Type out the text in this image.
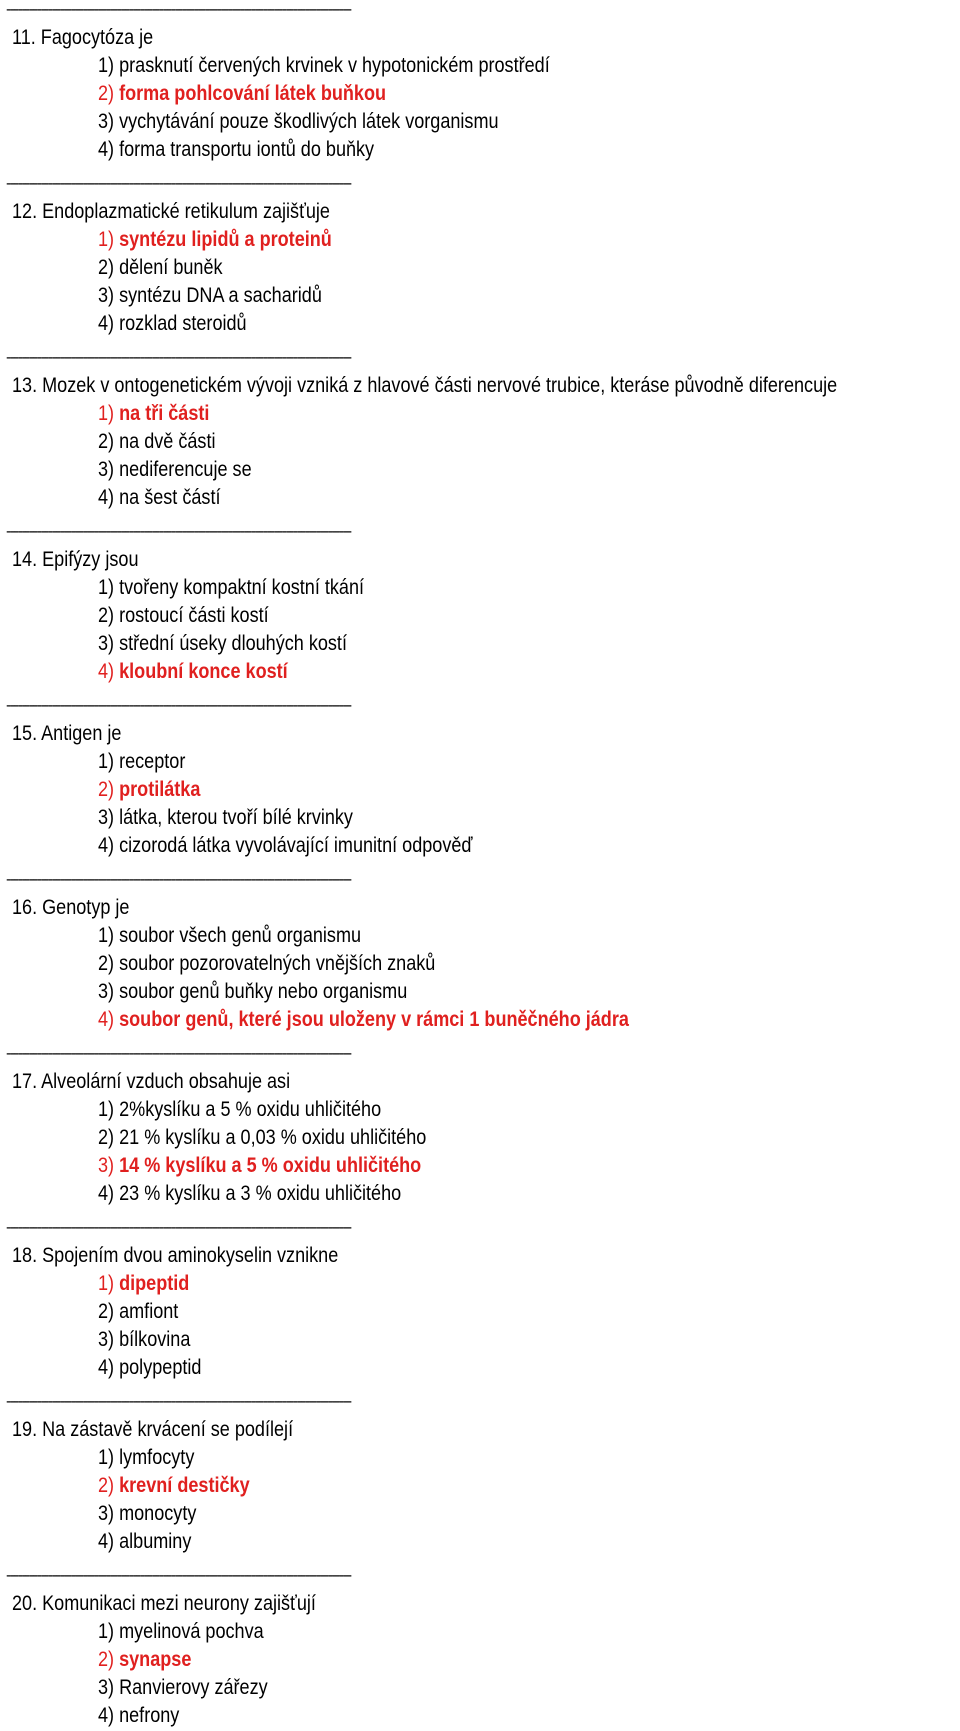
------------------------------------------------------------------------------------------
11. Fagocytóza je
1) prasknutí červených krvinek v hypotonickém prostředí
2) forma pohlcování látek buňkou
3) vychytávání pouze škodlivých látek vorganismu
4) forma transportu iontů do buňky
------------------------------------------------------------------------------------------
12. Endoplazmatické retikulum zajišťuje
1) syntézu lipidů a proteinů
2) dělení buněk
3) syntézu DNA a sacharidů
4) rozklad steroidů
------------------------------------------------------------------------------------------
13. Mozek v ontogenetickém vývoji vzniká z hlavové části nervové trubice, kteráse původně diferencuje
1) na tři části
2) na dvě části
3) nediferencuje se
4) na šest částí
------------------------------------------------------------------------------------------
14. Epifýzy jsou
1) tvořeny kompaktní kostní tkání
2) rostoucí části kostí
3) střední úseky dlouhých kostí
4) kloubní konce kostí
------------------------------------------------------------------------------------------
15. Antigen je
1) receptor
2) protilátka
3) látka, kterou tvoří bílé krvinky
4) cizorodá látka vyvolávající imunitní odpověď
------------------------------------------------------------------------------------------
16. Genotyp je
1) soubor všech genů organismu
2) soubor pozorovatelných vnějších znaků
3) soubor genů buňky nebo organismu
4) soubor genů, které jsou uloženy v rámci 1 buněčného jádra
------------------------------------------------------------------------------------------
17. Alveolární vzduch obsahuje asi
1) 2%kyslíku a 5 % oxidu uhličitého
2) 21 % kyslíku a 0,03 % oxidu uhličitého
3) 14 % kyslíku a 5 % oxidu uhličitého
4) 23 % kyslíku a 3 % oxidu uhličitého
------------------------------------------------------------------------------------------
18. Spojením dvou aminokyselin vznikne
1) dipeptid
2) amfiont
3) bílkovina
4) polypeptid
------------------------------------------------------------------------------------------
19. Na zástavě krvácení se podílejí
1) lymfocyty
2) krevní destičky
3) monocyty
4) albuminy
------------------------------------------------------------------------------------------
20. Komunikaci mezi neurony zajišťují
1) myelinová pochva
2) synapse
3) Ranvierovy zářezy
4) nefrony
